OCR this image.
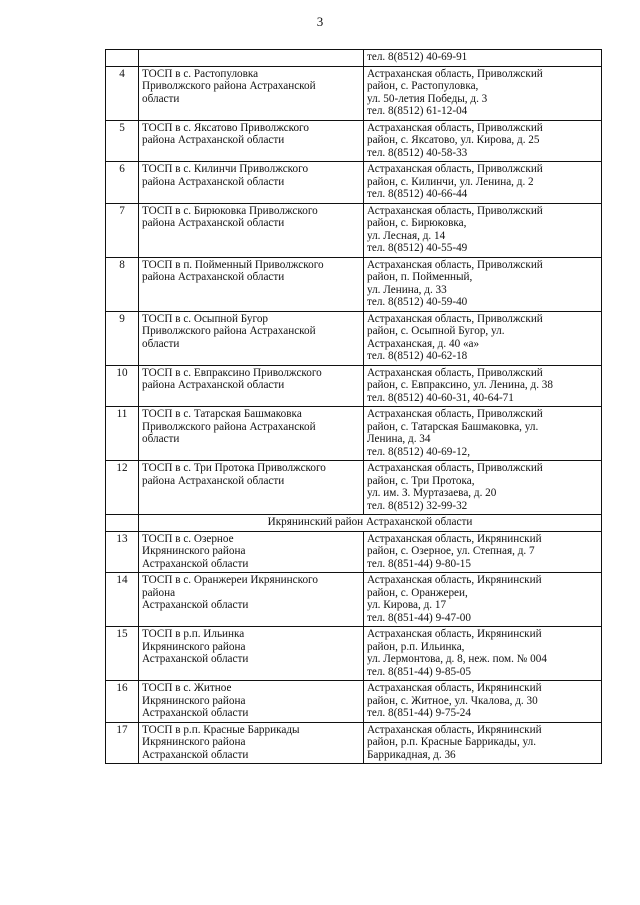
3

		тел. 8(8512) 40-69-91

4	ТОСП в с. Растопуловка
Приволжского района Астраханской
области	Астраханская область, Приволжский
район, с. Растопуловка,
ул. 50-летия Победы, д. 3
тел. 8(8512) 61-12-04

5	ТОСП в с. Яксатово Приволжского
района Астраханской области	Астраханская область, Приволжский
район, с. Яксатово, ул. Кирова, д. 25
тел. 8(8512) 40-58-33

6	ТОСП в с. Килинчи Приволжского
района Астраханской области	Астраханская область, Приволжский
район, с. Килинчи, ул. Ленина, д. 2
тел. 8(8512) 40-66-44

7	ТОСП в с. Бирюковка Приволжского
района Астраханской области	Астраханская область, Приволжский
район, с. Бирюковка,
ул. Лесная, д. 14
тел. 8(8512) 40-55-49

8	ТОСП в п. Пойменный Приволжского
района Астраханской области	Астраханская область, Приволжский
район, п. Пойменный,
ул. Ленина, д. 33
тел. 8(8512) 40-59-40

9	ТОСП в с. Осыпной Бугор
Приволжского района Астраханской
области	Астраханская область, Приволжский
район, с. Осыпной Бугор, ул.
Астраханская, д. 40 «а»
тел. 8(8512) 40-62-18

10	ТОСП в с. Евпраксино Приволжского
района Астраханской области	Астраханская область, Приволжский
район, с. Евпраксино, ул. Ленина, д. 38
тел. 8(8512) 40-60-31, 40-64-71

11	ТОСП в с. Татарская Башмаковка
Приволжского района Астраханской
области	Астраханская область, Приволжский
район, с. Татарская Башмаковка, ул.
Ленина, д. 34
тел. 8(8512) 40-69-12,

12	ТОСП в с. Три Протока Приволжского
района Астраханской области	Астраханская область, Приволжский
район, с. Три Протока,
ул. им. З. Муртазаева, д. 20
тел. 8(8512) 32-99-32

	Икрянинский район Астраханской области	
13	ТОСП в с. Озерное
Икрянинского района
Астраханской области	Астраханская область, Икрянинский
район, с. Озерное, ул. Степная, д. 7
тел. 8(851-44) 9-80-15

14	ТОСП в с. Оранжереи Икрянинского
района
Астраханской области	Астраханская область, Икрянинский
район, с. Оранжереи,
ул. Кирова, д. 17
тел. 8(851-44) 9-47-00

15	ТОСП в р.п. Ильинка
Икрянинского района
Астраханской области	Астраханская область, Икрянинский
район, р.п. Ильинка,
ул. Лермонтова, д. 8, неж. пом. № 004
тел. 8(851-44) 9-85-05

16	ТОСП в с. Житное
Икрянинского района
Астраханской области	Астраханская область, Икрянинский
район, с. Житное, ул. Чкалова, д. 30
тел. 8(851-44) 9-75-24

17	ТОСП в р.п. Красные Баррикады
Икрянинского района
Астраханской области	Астраханская область, Икрянинский
район, р.п. Красные Баррикады, ул.
Баррикадная, д. 36
